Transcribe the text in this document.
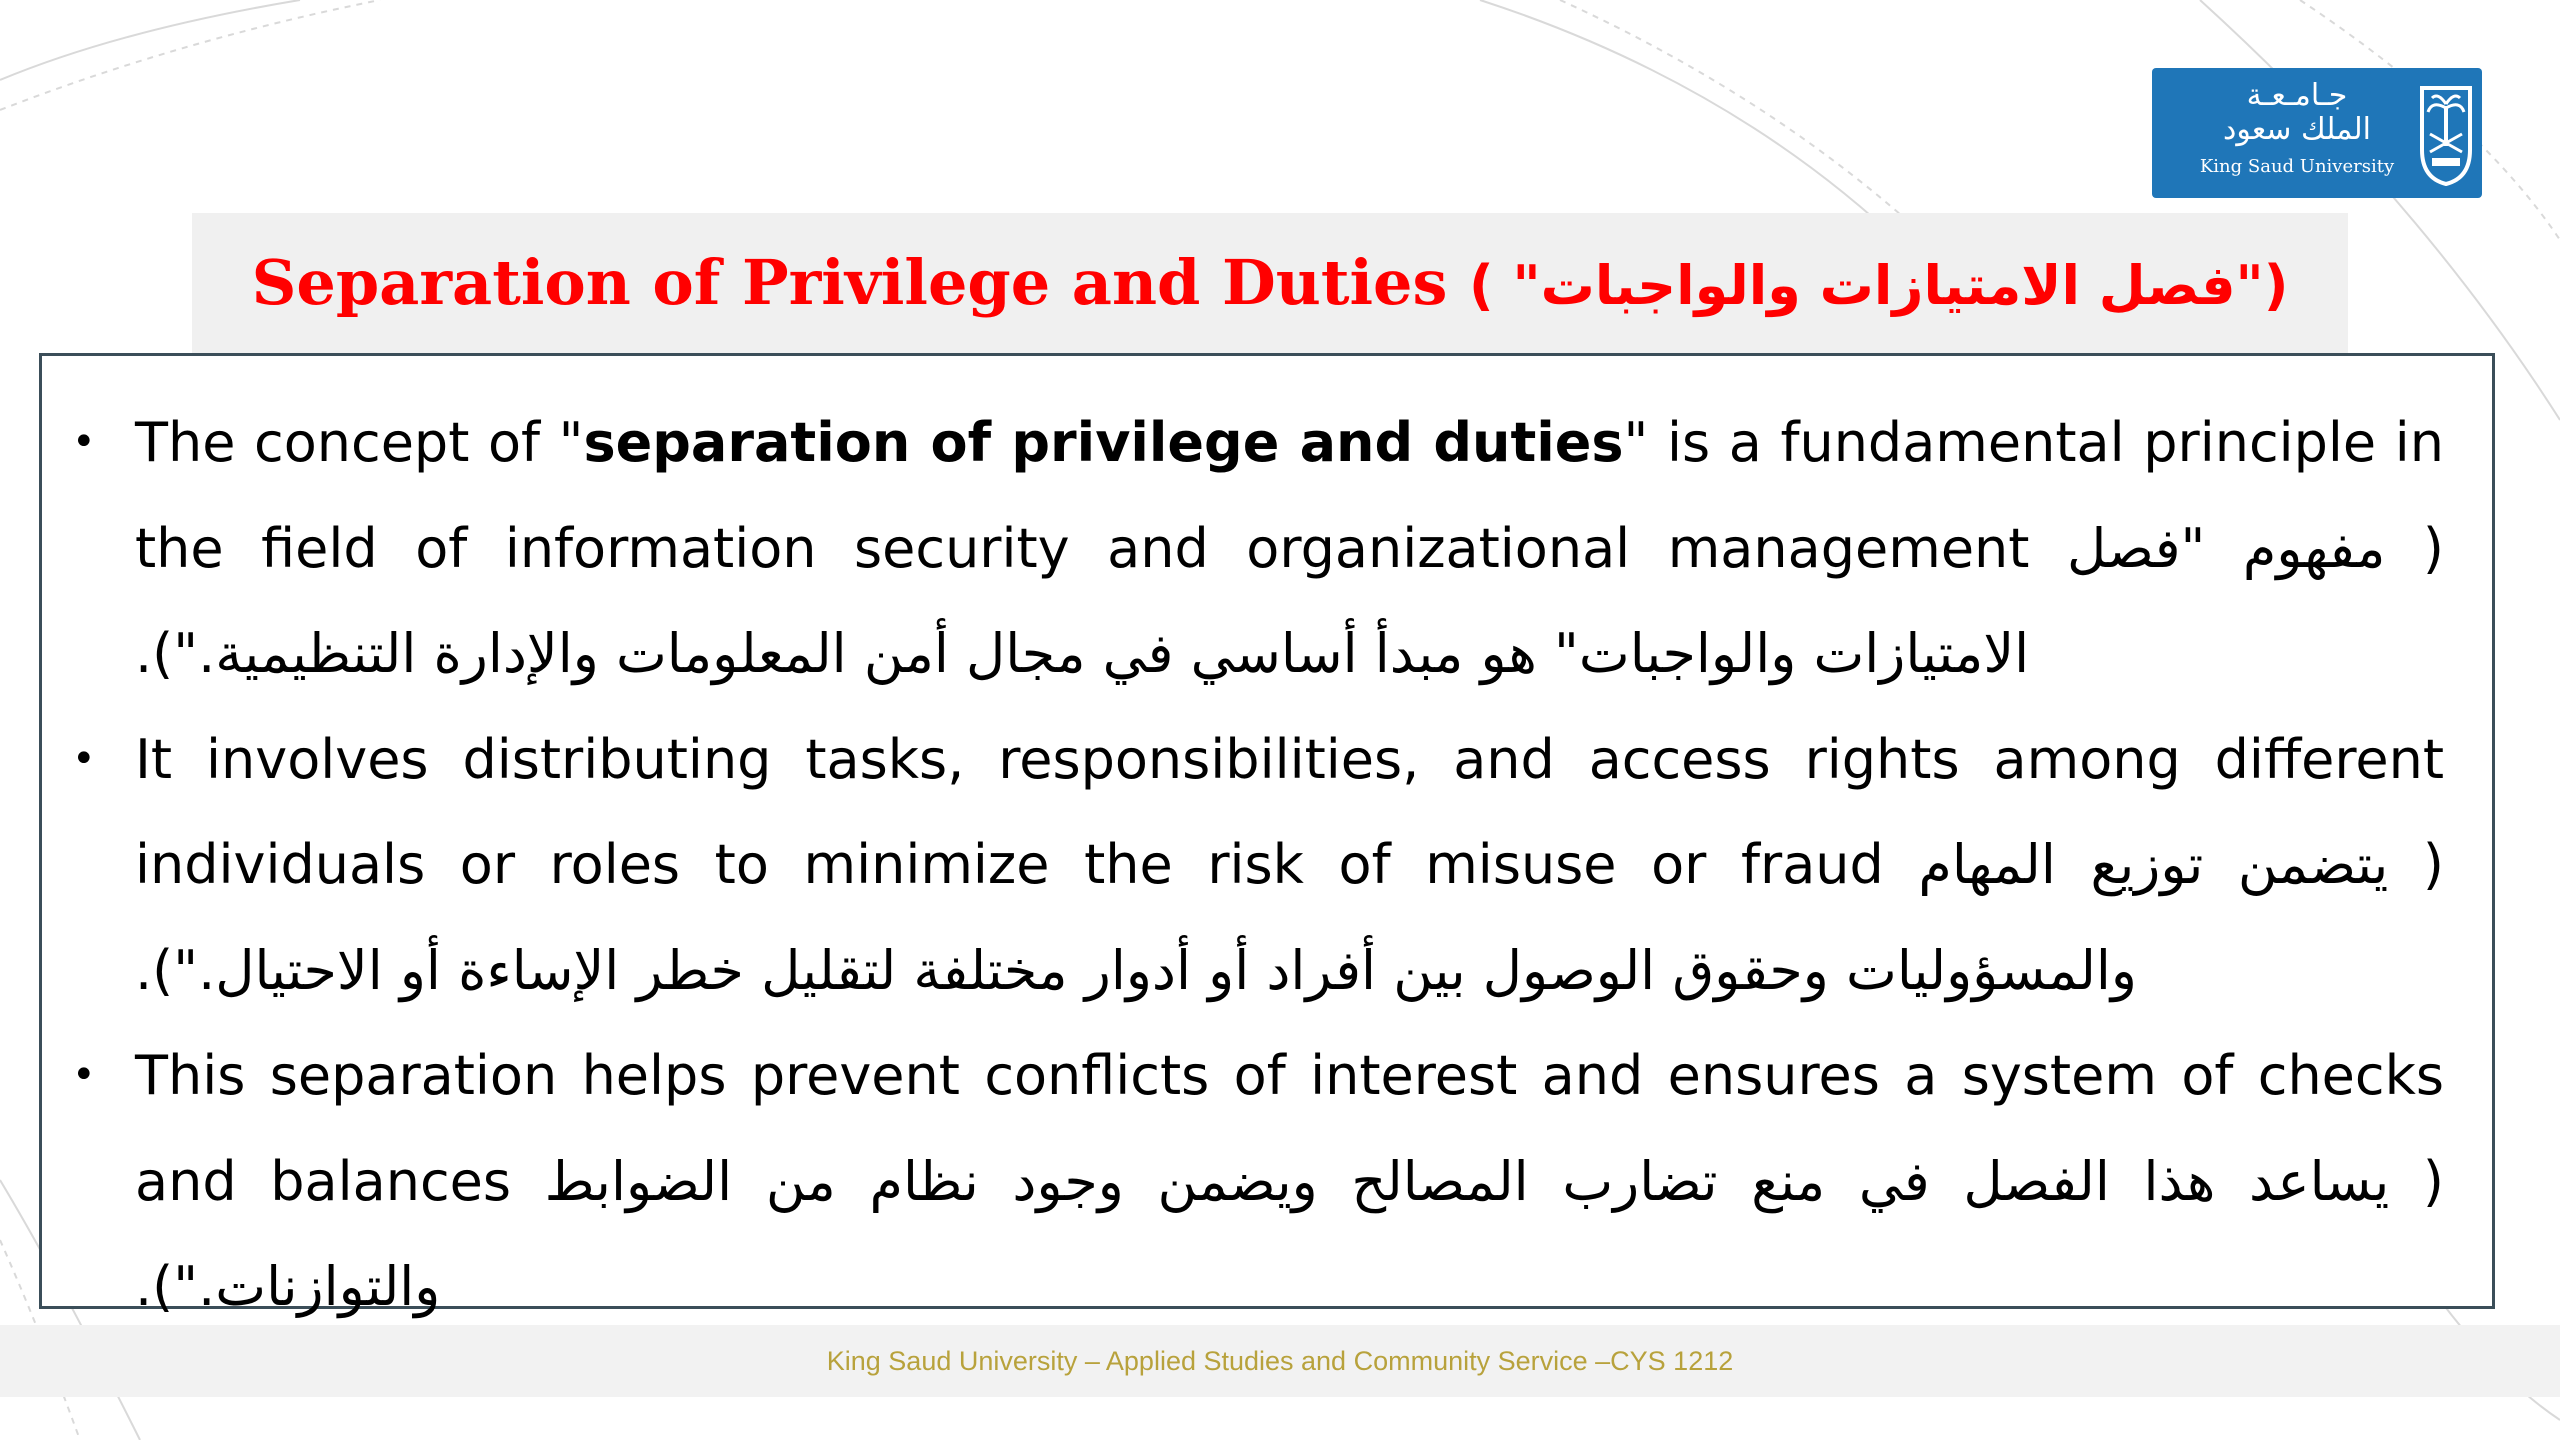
جـامـعـة
الملك سعود
King Saud University
Separation of Privilege and Duties ("فصل الامتيازات والواجبات" )
• The concept of "separation of privilege and duties" is a fundamental principle in the field of information security and organizational management ( مفهوم "فصل الامتيازات والواجبات" هو مبدأ أساسي في مجال أمن المعلومات والإدارة التنظيمية.").
• It involves distributing tasks, responsibilities, and access rights among different individuals or roles to minimize the risk of misuse or fraud ( يتضمن توزيع المهام والمسؤوليات وحقوق الوصول بين أفراد أو أدوار مختلفة لتقليل خطر الإساءة أو الاحتيال.").
• This separation helps prevent conflicts of interest and ensures a system of checks and balances ( يساعد هذا الفصل في منع تضارب المصالح ويضمن وجود نظام من الضوابط والتوازنات.").
King Saud University – Applied Studies and Community Service –CYS 1212
